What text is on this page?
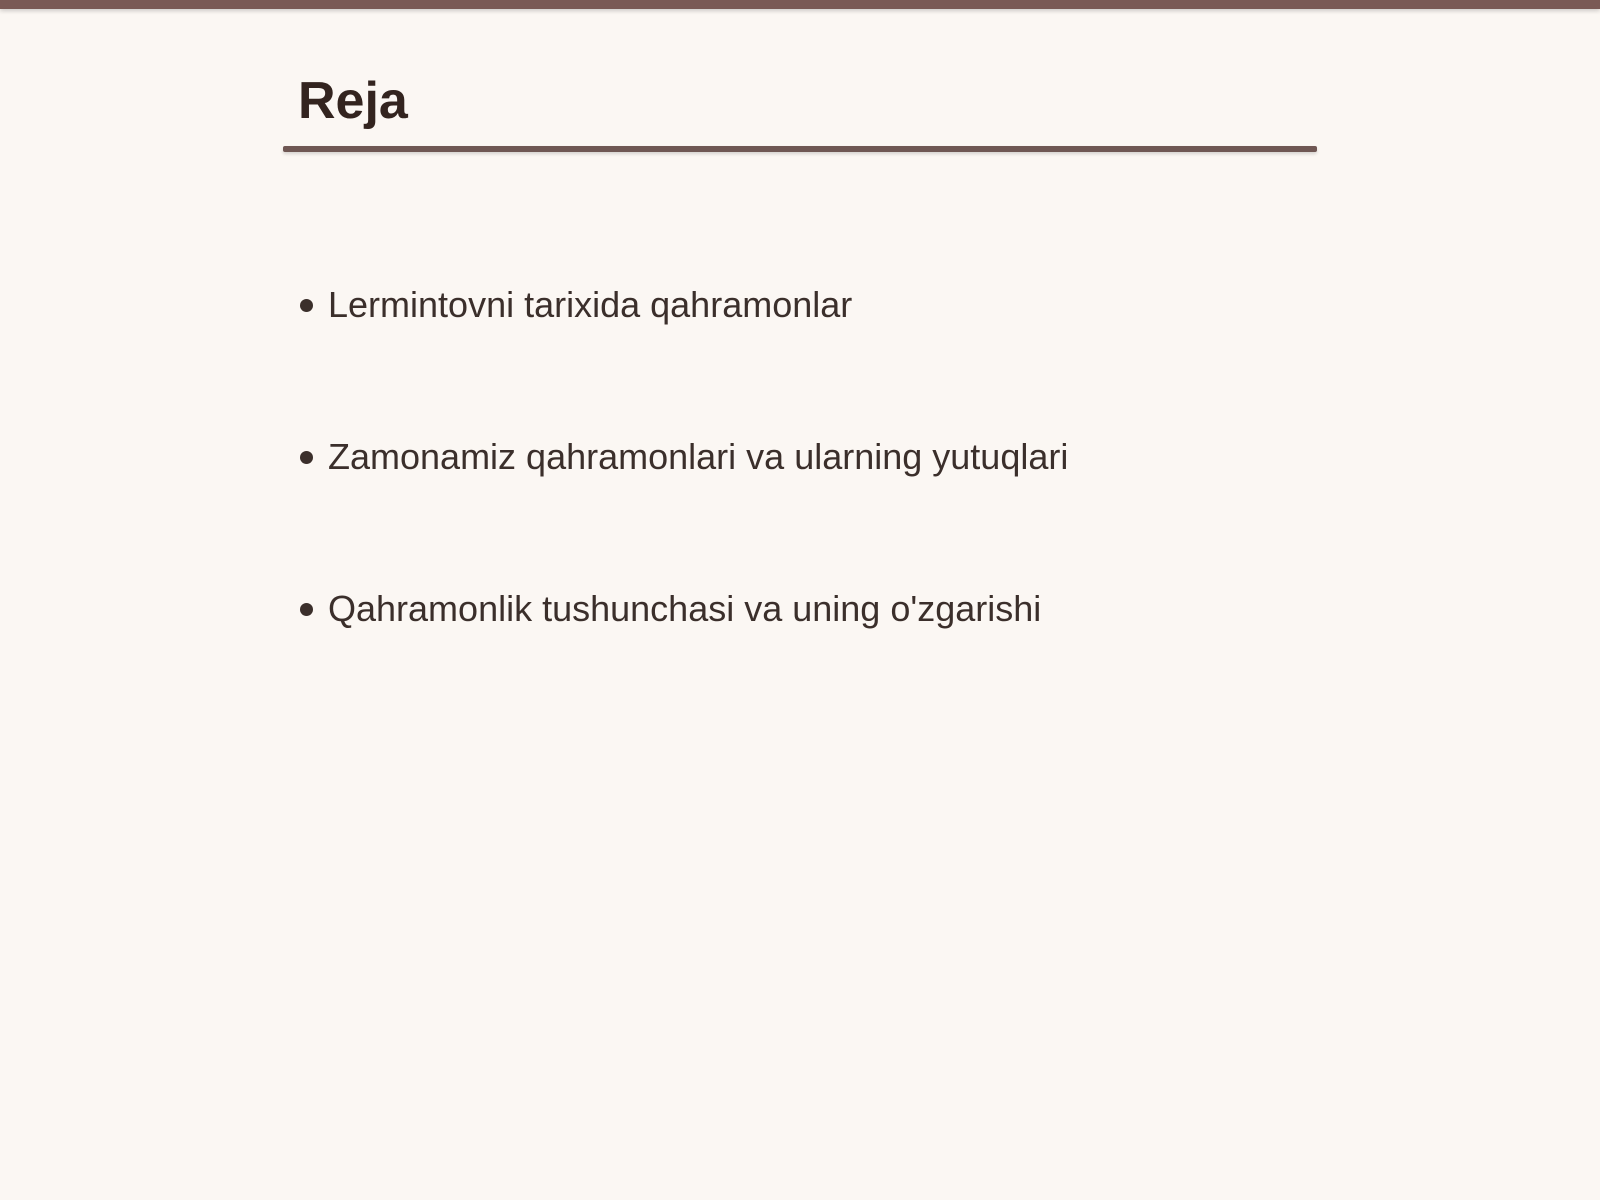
Reja
Lermintovni tarixida qahramonlar
Zamonamiz qahramonlari va ularning yutuqlari
Qahramonlik tushunchasi va uning o'zgarishi
